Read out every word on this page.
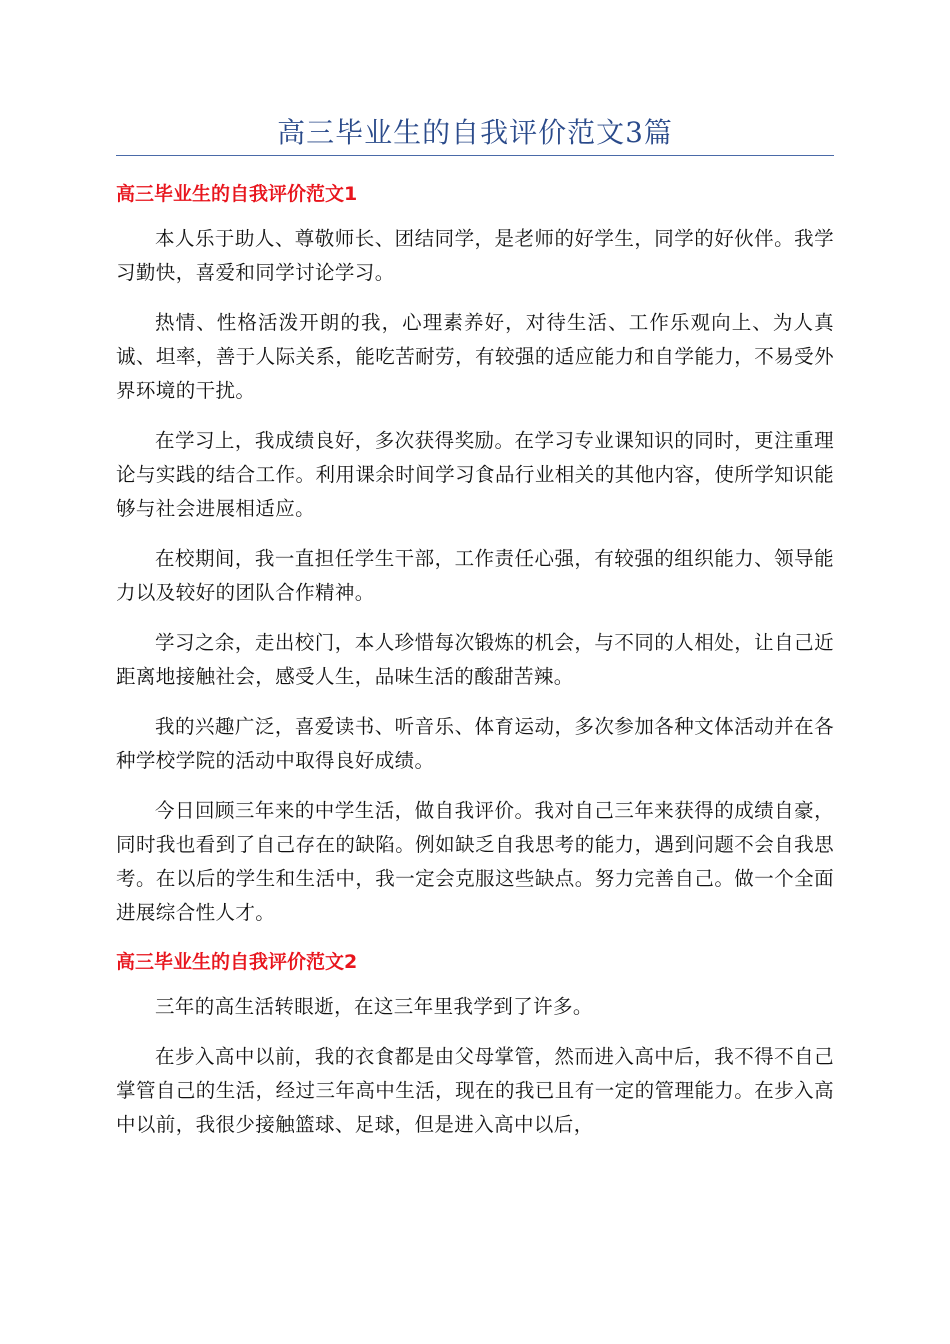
高三毕业生的自我评价范文3篇
高三毕业生的自我评价范文1

本人乐于助人、尊敬师长、团结同学，是老师的好学生，同学的好伙伴。我学习勤快，喜爱和同学讨论学习。

热情、性格活泼开朗的我，心理素养好，对待生活、工作乐观向上、为人真诚、坦率，善于人际关系，能吃苦耐劳，有较强的适应能力和自学能力，不易受外界环境的干扰。

在学习上，我成绩良好，多次获得奖励。在学习专业课知识的同时，更注重理论与实践的结合工作。利用课余时间学习食品行业相关的其他内容，使所学知识能够与社会进展相适应。

在校期间，我一直担任学生干部，工作责任心强，有较强的组织能力、领导能力以及较好的团队合作精神。

学习之余，走出校门，本人珍惜每次锻炼的机会，与不同的人相处，让自己近距离地接触社会，感受人生，品味生活的酸甜苦辣。

我的兴趣广泛，喜爱读书、听音乐、体育运动，多次参加各种文体活动并在各种学校学院的活动中取得良好成绩。

今日回顾三年来的中学生活，做自我评价。我对自己三年来获得的成绩自豪，同时我也看到了自己存在的缺陷。例如缺乏自我思考的能力，遇到问题不会自我思考。在以后的学生和生活中，我一定会克服这些缺点。努力完善自己。做一个全面进展综合性人才。

高三毕业生的自我评价范文2

三年的高生活转眼逝，在这三年里我学到了许多。

在步入高中以前，我的衣食都是由父母掌管，然而进入高中后，我不得不自己掌管自己的生活，经过三年高中生活，现在的我已且有一定的管理能力。在步入高中以前，我很少接触篮球、足球，但是进入高中以后，
